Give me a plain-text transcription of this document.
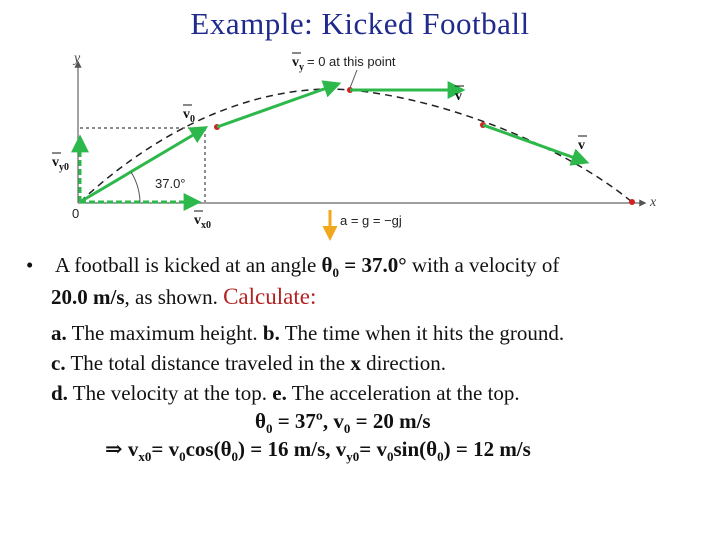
Example: Kicked Football
y
x
0
37.0°
$v_0$
$v_{y0}$
$v_{x0}$
$v_y = 0$ at this point
v
v
a = g = −gj
• A football is kicked at an angle $\theta_0 = 37.0^\circ$ with a velocity of
20.0 m/s, as shown. Calculate:
a. The maximum height. b. The time when it hits the ground.
c. The total distance traveled in the x direction.
d. The velocity at the top. e. The acceleration at the top.
$\theta_0$ = 37º, $v_0 = 20$ m/s
⇒ $v_{x0}= v_0\cos(\theta_0) = 16$ m/s, $v_{y0}= v_0\sin(\theta_0) = 12$ m/s
